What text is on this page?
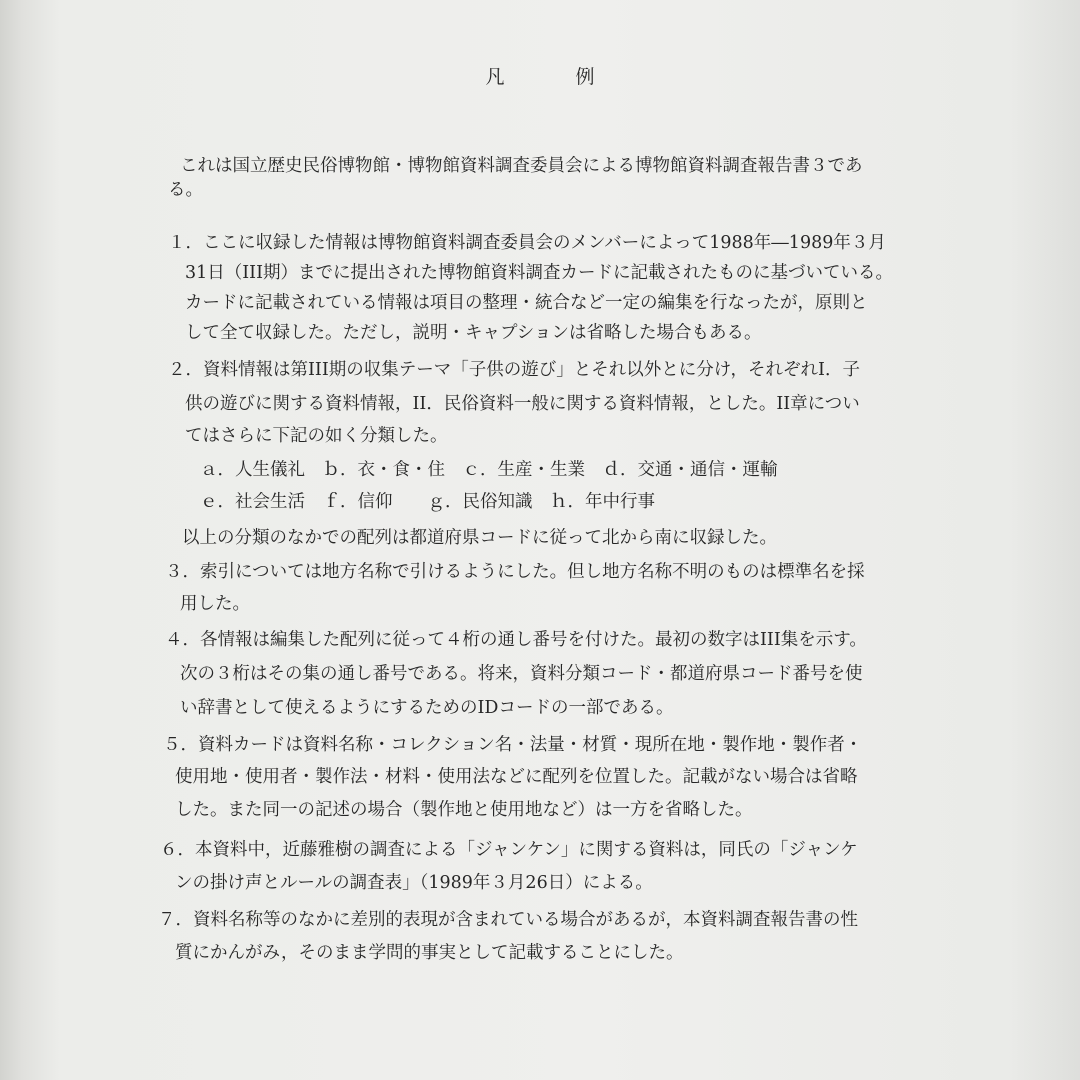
凡　例
これは国立歴史民俗博物館・博物館資料調査委員会による博物館資料調査報告書３であ
る。
１．ここに収録した情報は博物館資料調査委員会のメンバーによって1988年―1989年３月
31日（III期）までに提出された博物館資料調査カードに記載されたものに基づいている。
カードに記載されている情報は項目の整理・統合など一定の編集を行なったが，原則と
して全て収録した。ただし，説明・キャプションは省略した場合もある。
２．資料情報は第III期の収集テーマ「子供の遊び」とそれ以外とに分け，それぞれI．子
供の遊びに関する資料情報，II．民俗資料一般に関する資料情報，とした。II章につい
てはさらに下記の如く分類した。
ａ．人生儀礼　ｂ．衣・食・住　ｃ．生産・生業　ｄ．交通・通信・運輸
ｅ．社会生活　ｆ．信仰　　ｇ．民俗知識　ｈ．年中行事
以上の分類のなかでの配列は都道府県コードに従って北から南に収録した。
３．索引については地方名称で引けるようにした。但し地方名称不明のものは標準名を採
用した。
４．各情報は編集した配列に従って４桁の通し番号を付けた。最初の数字はIII集を示す。
次の３桁はその集の通し番号である。将来，資料分類コード・都道府県コード番号を使
い辞書として使えるようにするためのIDコードの一部である。
５．資料カードは資料名称・コレクション名・法量・材質・現所在地・製作地・製作者・
使用地・使用者・製作法・材料・使用法などに配列を位置した。記載がない場合は省略
した。また同一の記述の場合（製作地と使用地など）は一方を省略した。
６．本資料中，近藤雅樹の調査による「ジャンケン」に関する資料は，同氏の「ジャンケ
ンの掛け声とルールの調査表」（1989年３月26日）による。
７．資料名称等のなかに差別的表現が含まれている場合があるが，本資料調査報告書の性
質にかんがみ，そのまま学問的事実として記載することにした。
